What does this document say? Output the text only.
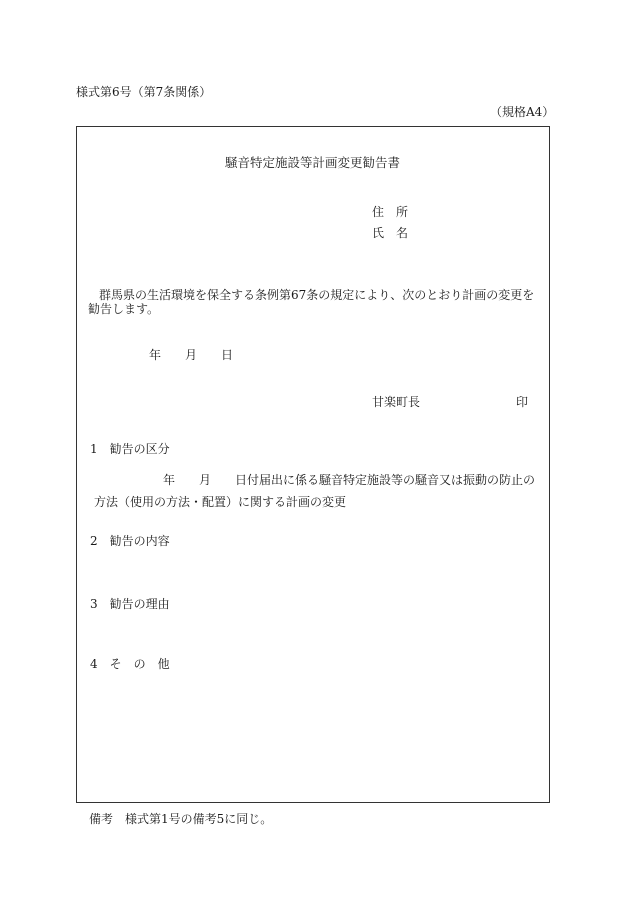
様式第6号（第7条関係）
（規格A4）
騒音特定施設等計画変更勧告書
住　所
氏　名
群馬県の生活環境を保全する条例第67条の規定により、次のとおり計画の変更を
勧告します。
年　　月　　日
甘楽町長	印
1　勧告の区分
年　　月　　日付届出に係る騒音特定施設等の騒音又は振動の防止の
方法（使用の方法・配置）に関する計画の変更
2　勧告の内容
3　勧告の理由
4　そ　の　他
備考　様式第1号の備考5に同じ。
